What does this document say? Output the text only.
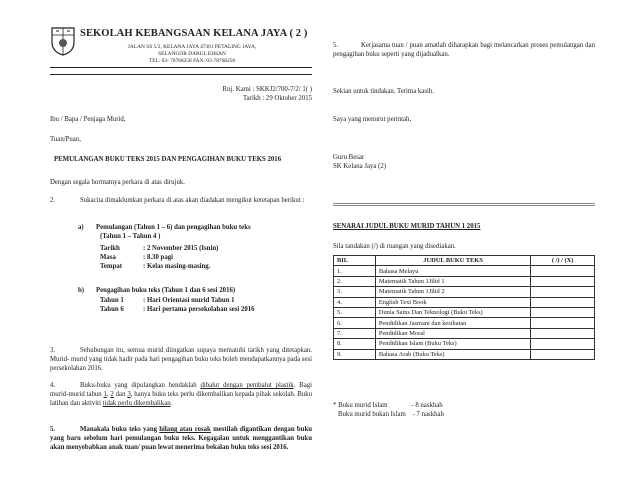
SEKOLAH KEBANGSAAN KELANA JAYA ( 2 )
JALAN SS 5/2, KELANA JAYA 47301 PETALING JAYA,
SELANGOR DARUL EHSAN
TEL: 03- 78768258 FAX: 03-78768258
Ruj. Kami : SKKJ2/700-7/2/ 1( )
Tarikh : 29 Oktober 2015
Ibu / Bapa / Penjaga Murid,
Tuan/Puan,
PEMULANGAN BUKU TEKS 2015 DAN PENGAGIHAN BUKU TEKS 2016
Dengan segala hormatnya perkara di atas dirujuk.
2.	Sukacita dimaklumkan perkara di atas akan diadakan mengikut ketetapan berikut :
a) Pemulangan (Tahun 1 – 6) dan pengagihan buku teks
(Tahun 1 – Tahun 4 )
Tarikh	: 2 November 2015 (Isnin)
Masa	: 8.30 pagi
Tempat	: Kelas masing-masing.
b) Pengagihan buku teks (Tahun 1 dan 6 sesi 2016)
Tahun 1	: Hari Orientasi murid Tahun 1
Tahun 6	: Hari pertama persekolahan sesi 2016
3.	Sehubungan itu, semua murid diingatkan supaya mematuhi tarikh yang ditetapkan. Murid- murid yang tidak hadir pada hari pengagihan buku teks boleh mendapatkannya pada sesi persekolahan 2016.
4.	Buku-buku yang dipulangkan hendaklah dibalut dengan pembalut plastik. Bagi murid-murid tahun 1, 2 dan 3, hanya buku teks perlu dikembalikan kepada pihak sekolah. Buku latihan dan aktiviti tidak perlu dikembalikan.
5.	Manakala buku teks yang hilang atau rosak mestilah digantikan dengan buku yang baru sebelum hari pemulangan buku teks. Kegagalan untuk menggantikan buku akan menyebabkan anak tuan/ puan lewat menerima bekalan buku teks sesi 2016.
5.	Kerjasama tuan / puan amatlah diharapkan bagi melancarkan proses pemulangan dan pengagihan buku seperti yang dijadualkan.
Sekian untuk tindakan. Terima kasih.
Saya yang menurut perintah,
Guru Besar
SK Kelana Jaya (2)
SENARAI JUDUL BUKU MURID TAHUN 1 2015
Sila tandakan (/) di ruangan yang disediakan.
BIL	JUDUL BUKU TEKS	( /) / (X)
1.	Bahasa Melayu	
2.	Matematik Tahun 1Jilid 1	
3.	Matematik Tahun 1Jilid 2	
4.	English Text Book	
5.	Dunia Sains Dan Teknologi (Buku Teks)	
6.	Pendidikan Jasmani dan kesihatan	
7.	Pendidikan Moral	
8.	Pendidikan Islam (Buku Teks)	
9.	Bahasa Arab (Buku Teks)	
* Buku murid Islam              - 8 naskhah
Buku murid bukan Islam    - 7 naskhah
